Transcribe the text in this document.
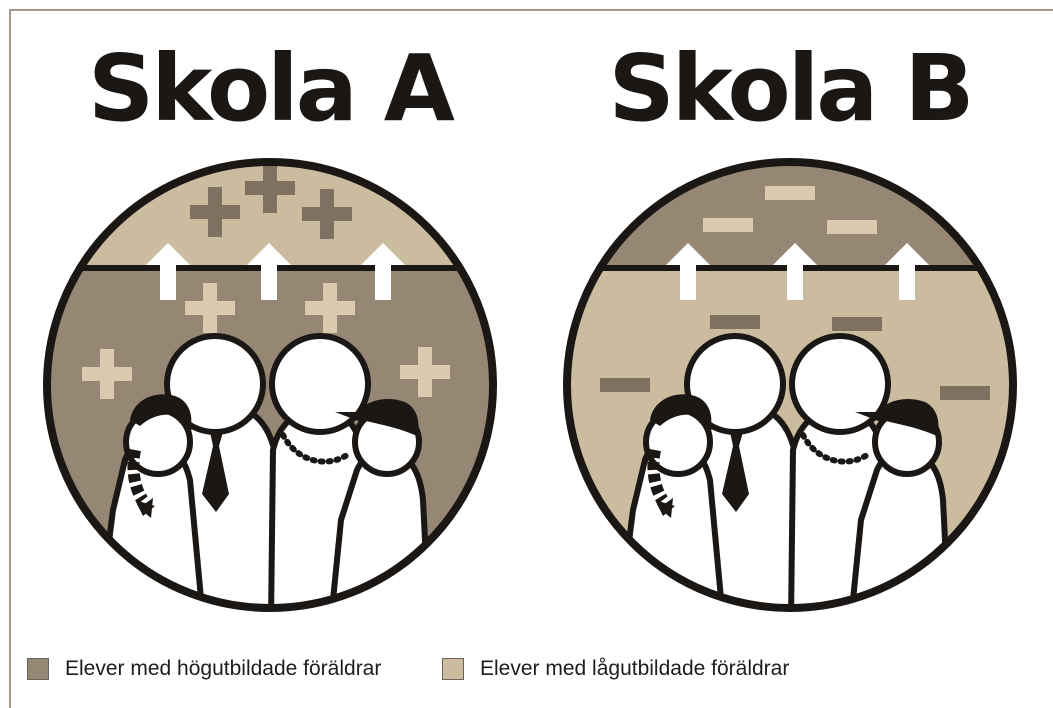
Skola A	Skola B
Elever med högutbildade föräldrar	Elever med lågutbildade föräldrar
